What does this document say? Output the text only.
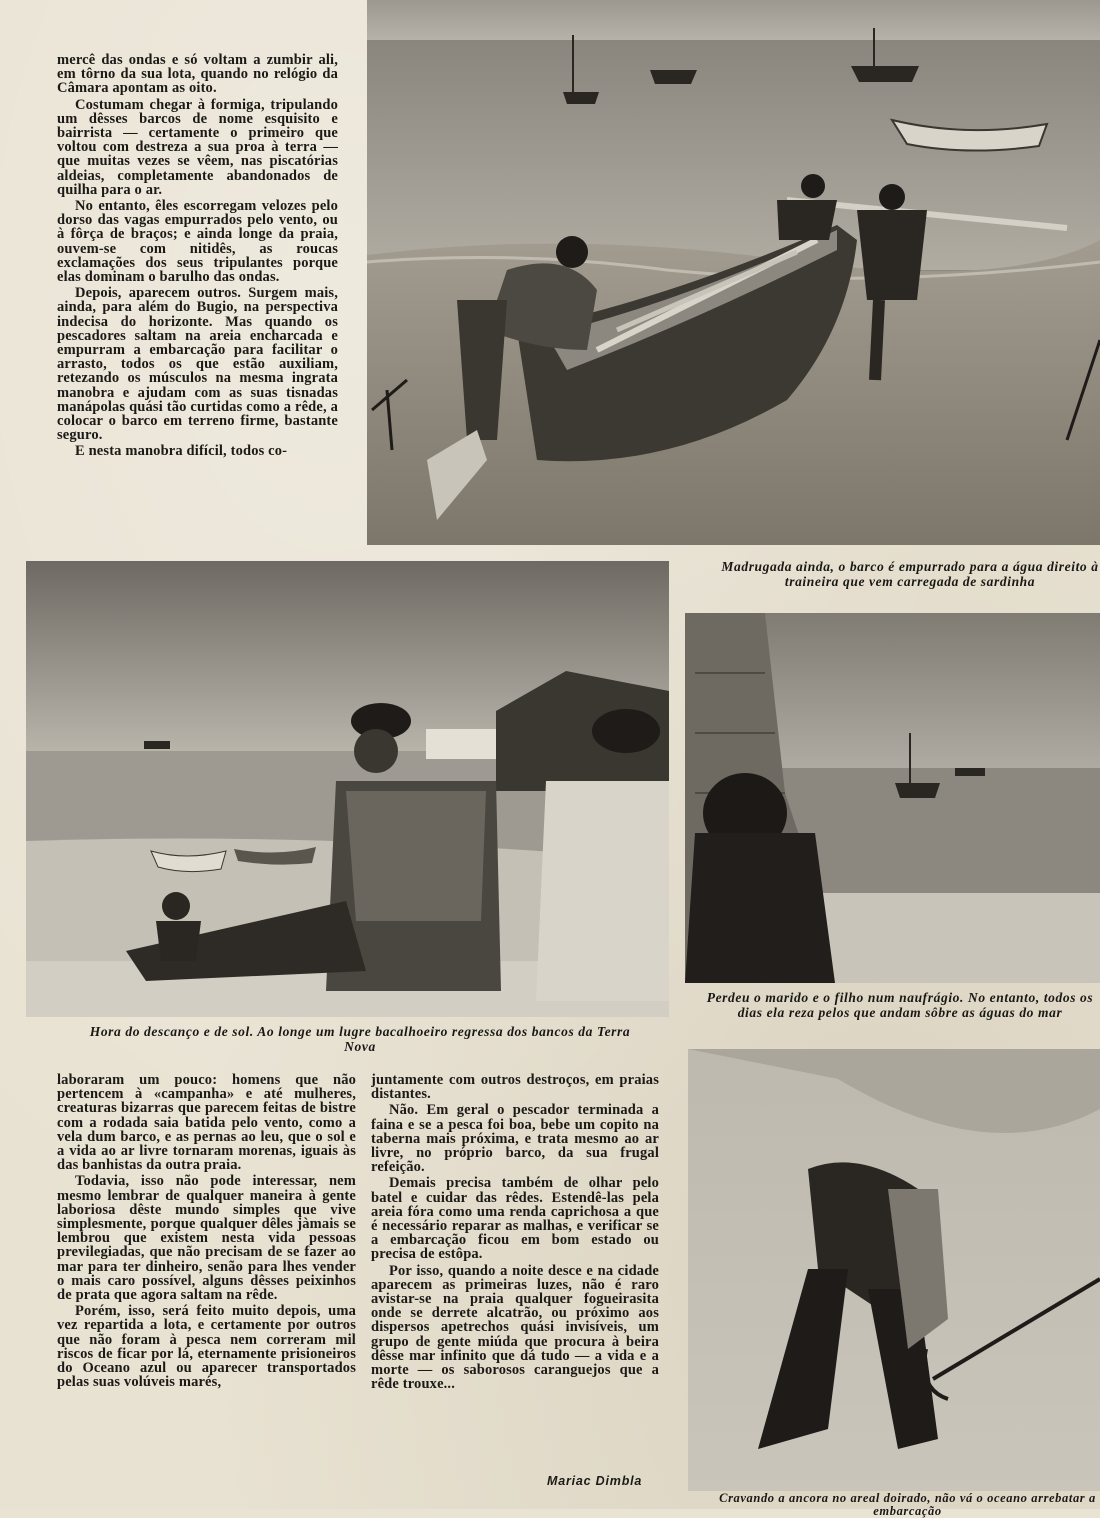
mercê das ondas e só voltam a zumbir ali, em tôrno da sua lota, quando no relógio da Câmara apontam as oito.

Costumam chegar à formiga, tripulando um dêsses barcos de nome esquisito e bairrista — certamente o primeiro que voltou com destreza a sua proa à terra — que muitas vezes se vêem, nas piscatórias aldeias, completamente abandonados de quilha para o ar.

No entanto, êles escorregam velozes pelo dorso das vagas empurrados pelo vento, ou à fôrça de braços; e ainda longe da praia, ouvem-se com nitidês, as roucas exclamações dos seus tripulantes porque elas dominam o barulho das ondas.

Depois, aparecem outros. Surgem mais, ainda, para além do Bugio, na perspectiva indecisa do horizonte. Mas quando os pescadores saltam na areia encharcada e empurram a embarcação para facilitar o arrasto, todos os que estão auxiliam, retezando os músculos na mesma ingrata manobra e ajudam com as suas tisnadas manápolas quási tão curtidas como a rêde, a colocar o barco em terreno firme, bastante seguro.

E nesta manobra difícil, todos co-

Madrugada ainda, o barco é empurrado para a água direito à traineira que vem carregada de sardinha
Hora do descanço e de sol. Ao longe um lugre bacalhoeiro regressa dos bancos da Terra Nova
Perdeu o marido e o filho num naufrágio. No entanto, todos os dias ela reza pelos que andam sôbre as águas do mar
Cravando a ancora no areal doirado, não vá o oceano arrebatar a embarcação

laboraram um pouco: homens que não pertencem à «campanha» e até mulheres, creaturas bizarras que parecem feitas de bistre com a rodada saia batida pelo vento, como a vela dum barco, e as pernas ao leu, que o sol e a vida ao ar livre tornaram morenas, iguais às das banhistas da outra praia.

Todavia, isso não pode interessar, nem mesmo lembrar de qualquer maneira à gente laboriosa dêste mundo simples que vive simplesmente, porque qualquer dêles jàmais se lembrou que existem nesta vida pessoas previlegiadas, que não precisam de se fazer ao mar para ter dinheiro, senão para lhes vender o mais caro possível, alguns dêsses peixinhos de prata que agora saltam na rêde.

Porém, isso, será feito muito depois, uma vez repartida a lota, e certamente por outros que não foram à pesca nem correram mil riscos de ficar por lá, eternamente prisioneiros do Oceano azul ou aparecer transportados pelas suas volúveis marés,

juntamente com outros destroços, em praias distantes.

Não. Em geral o pescador terminada a faina e se a pesca foi boa, bebe um copito na taberna mais próxima, e trata mesmo ao ar livre, no próprio barco, da sua frugal refeição.

Demais precisa também de olhar pelo batel e cuidar das rêdes. Estendê-las pela areia fóra como uma renda caprichosa a que é necessário reparar as malhas, e verificar se a embarcação ficou em bom estado ou precisa de estôpa.

Por isso, quando a noite desce e na cidade aparecem as primeiras luzes, não é raro avistar-se na praia qualquer fogueirasita onde se derrete alcatrão, ou próximo aos dispersos apetrechos quási invisíveis, um grupo de gente miúda que procura à beira dêsse mar infinito que dá tudo — a vida e a morte — os saborosos caranguejos que a rêde trouxe...

Mariac Dimbla
